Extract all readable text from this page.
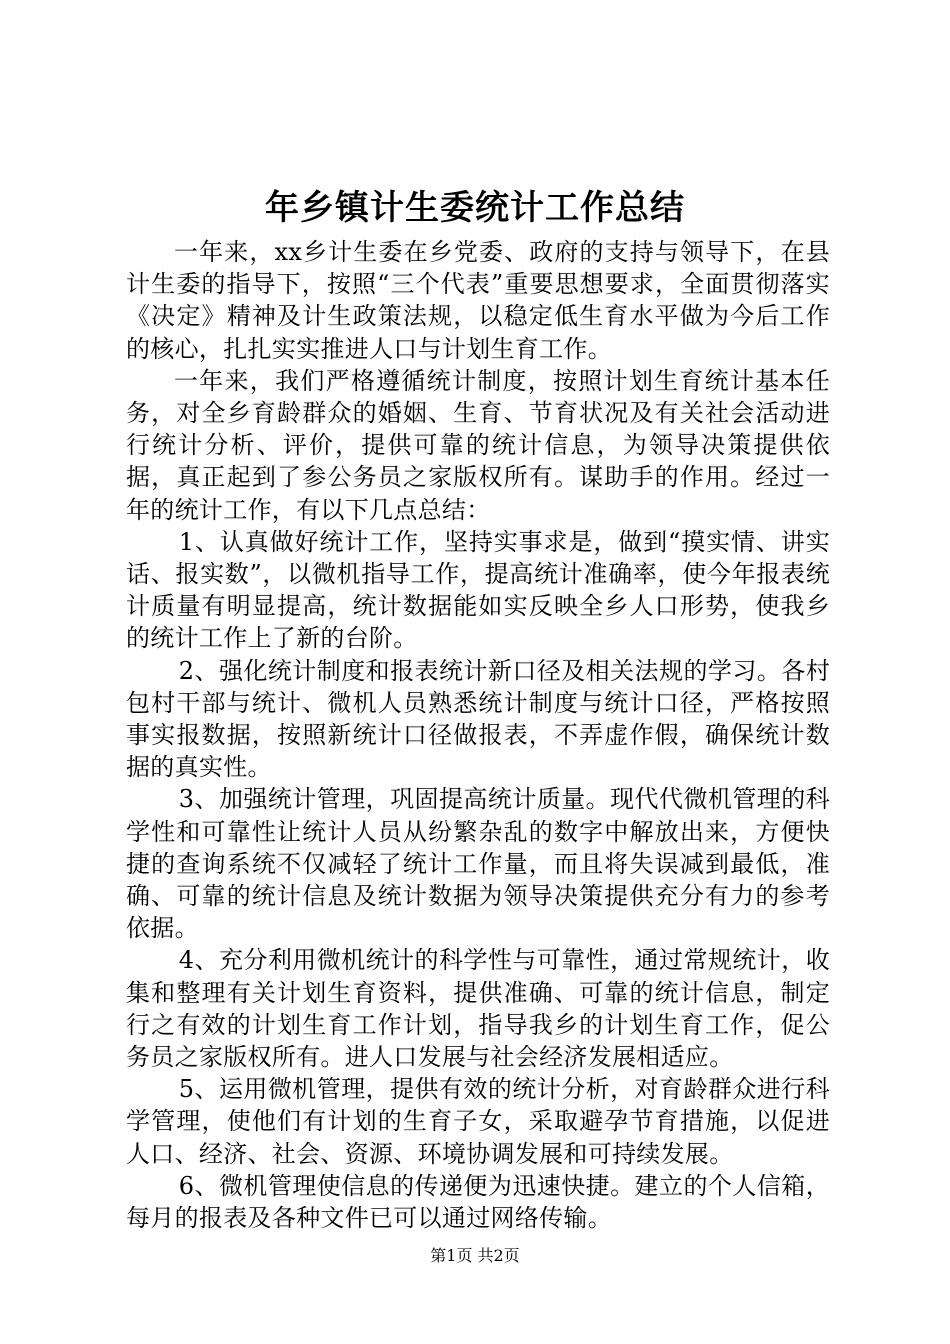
年乡镇计生委统计工作总结

一年来，xx乡计生委在乡党委、政府的支持与领导下，在县计生委的指导下，按照“三个代表”重要思想要求，全面贯彻落实《决定》精神及计生政策法规，以稳定低生育水平做为今后工作的核心，扎扎实实推进人口与计划生育工作。

一年来，我们严格遵循统计制度，按照计划生育统计基本任务，对全乡育龄群众的婚姻、生育、节育状况及有关社会活动进行统计分析、评价，提供可靠的统计信息，为领导决策提供依据，真正起到了参公务员之家版权所有。谋助手的作用。经过一年的统计工作，有以下几点总结：

1、认真做好统计工作，坚持实事求是，做到“摸实情、讲实话、报实数”，以微机指导工作，提高统计准确率，使今年报表统计质量有明显提高，统计数据能如实反映全乡人口形势，使我乡的统计工作上了新的台阶。

2、强化统计制度和报表统计新口径及相关法规的学习。各村包村干部与统计、微机人员熟悉统计制度与统计口径，严格按照事实报数据，按照新统计口径做报表，不弄虚作假，确保统计数据的真实性。

3、加强统计管理，巩固提高统计质量。现代代微机管理的科学性和可靠性让统计人员从纷繁杂乱的数字中解放出来，方便快捷的查询系统不仅减轻了统计工作量，而且将失误减到最低，准确、可靠的统计信息及统计数据为领导决策提供充分有力的参考依据。

4、充分利用微机统计的科学性与可靠性，通过常规统计，收集和整理有关计划生育资料，提供准确、可靠的统计信息，制定行之有效的计划生育工作计划，指导我乡的计划生育工作，促公务员之家版权所有。进人口发展与社会经济发展相适应。

5、运用微机管理，提供有效的统计分析，对育龄群众进行科学管理，使他们有计划的生育子女，采取避孕节育措施，以促进人口、经济、社会、资源、环境协调发展和可持续发展。

6、微机管理使信息的传递便为迅速快捷。建立的个人信箱，每月的报表及各种文件已可以通过网络传输。

第1页 共2页
